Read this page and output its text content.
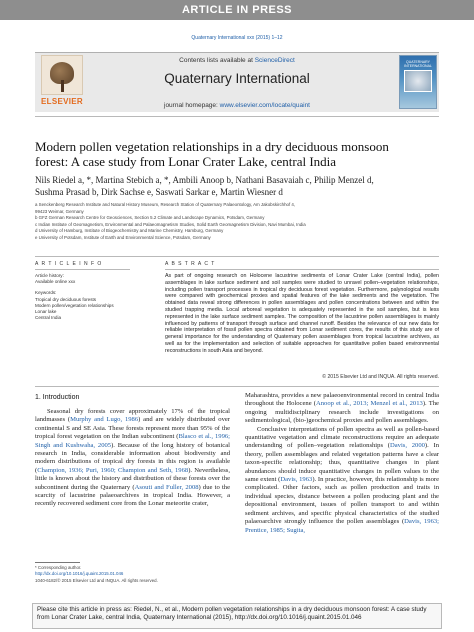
ARTICLE IN PRESS
Quaternary International xxx (2015) 1–12
ELSEVIER
Contents lists available at ScienceDirect
Quaternary International
journal homepage: www.elsevier.com/locate/quaint
QUATERNARY INTERNATIONAL
Modern pollen vegetation relationships in a dry deciduous monsoon forest: A case study from Lonar Crater Lake, central India
Nils Riedel a, *, Martina Stebich a, *, Ambili Anoop b, Nathani Basavaiah c, Philip Menzel d,
Sushma Prasad b, Dirk Sachse e, Saswati Sarkar e, Martin Wiesner d
a Senckenberg Research Institute and Natural History Museum, Research Station of Quaternary Palaeontology, Am Jakobskirchhof 4,
99423 Weimar, Germany
b GFZ German Research Centre for Geosciences, Section 5.2 Climate and Landscape Dynamics, Potsdam, Germany
c Indian Institute of Geomagnetism, Environmental and Palaeomagnetism Studies, Solid Earth Geomagnetism Division, Navi Mumbai, India
d University of Hamburg, Institute of Biogeochemistry and Marine Chemistry, Hamburg, Germany
e University of Potsdam, Institute of Earth and Environmental Science, Potsdam, Germany
A R T I C L E I N F O	A B S T R A C T
Article history:
Available online xxx
Keywords:
Tropical dry deciduous forests
Modern pollen/vegetation relationships
Lonar lake
Central India
As part of ongoing research on Holocene lacustrine sediments of Lonar Crater Lake (central India), pollen assemblages in lake surface sediment and soil samples were studied to unravel pollen–vegetation relationships, including pollen transport processes in tropical dry deciduous forest vegetation. Furthermore, palynological results were compared with geochemical proxies and spatial features of the lake sediments and the vegetation. The obtained data reveal strong differences in pollen assemblages and pollen concentrations between and within the studied trapping media. Local arboreal vegetation is adequately represented in the soil samples, but is less represented in the lake surface sediment samples. The composition of the lacustrine pollen assemblages is mainly influenced by patterns of transport through surface and channel runoff. Besides the relevance of our new data for reliable interpretation of fossil pollen spectra obtained from Lonar sediment cores, the results of this study are of general importance for the understanding of Quaternary pollen assemblages from tropical lacustrine archives, as well as for the implementation and selection of suitable approaches for quantitative pollen based environmental reconstructions in south Asia and beyond.
© 2015 Elsevier Ltd and INQUA. All rights reserved.
1. Introduction
Seasonal dry forests cover approximately 17% of the tropical landmasses (Murphy and Lugo, 1986) and are widely distributed over continental S and SE Asia. These forests represent more than 95% of the tropical forest vegetation on the Indian subcontinent (Blasco et al., 1996; Singh and Kushwaha, 2005). Because of the long history of botanical research in India, considerable information about biodiversity and modern distributions of tropical dry forests in this region is available (Champion, 1936; Puri, 1960; Champion and Seth, 1968). Nevertheless, little is known about the history and distribution of these forests over the subcontinent during the Quaternary (Asouti and Fuller, 2008) due to the scarcity of lacustrine palaeoarchives in tropical India. However, a recently recovered sediment core from the Lonar meteorite crater,

Maharashtra, provides a new palaeoenvironmental record in central India throughout the Holocene (Anoop et al., 2013; Menzel et al., 2013). The ongoing multidisciplinary research include investigations on sedimentological, (bio-)geochemical proxies and pollen assemblages.

Conclusive interpretations of pollen spectra as well as pollen-based quantitative vegetation and climate reconstructions require an adequate understanding of pollen–vegetation relationships (Davis, 2000). In theory, pollen assemblages and related vegetation patterns have a clear taxon-specific relationship; thus, quantitative changes in plant abundances should induce quantitative changes in pollen values to the same extent (Davis, 1963). In practice, however, this relationship is more complicated. Other factors, such as pollen production and traits in individual species, distance between a pollen producing plant and the depositional environment, issues of pollen transport to and within sediment archives, and specific physical characteristics of the studied palaeoarchive strongly influence the pollen assemblages (Davis, 1963; Prentice, 1985; Sugita,

* Corresponding author.
http://dx.doi.org/10.1016/j.quaint.2015.01.046
1040-6182/© 2015 Elsevier Ltd and INQUA. All rights reserved.
Please cite this article in press as: Riedel, N., et al., Modern pollen vegetation relationships in a dry deciduous monsoon forest: A case study from Lonar Crater Lake, central India, Quaternary International (2015), http://dx.doi.org/10.1016/j.quaint.2015.01.046
